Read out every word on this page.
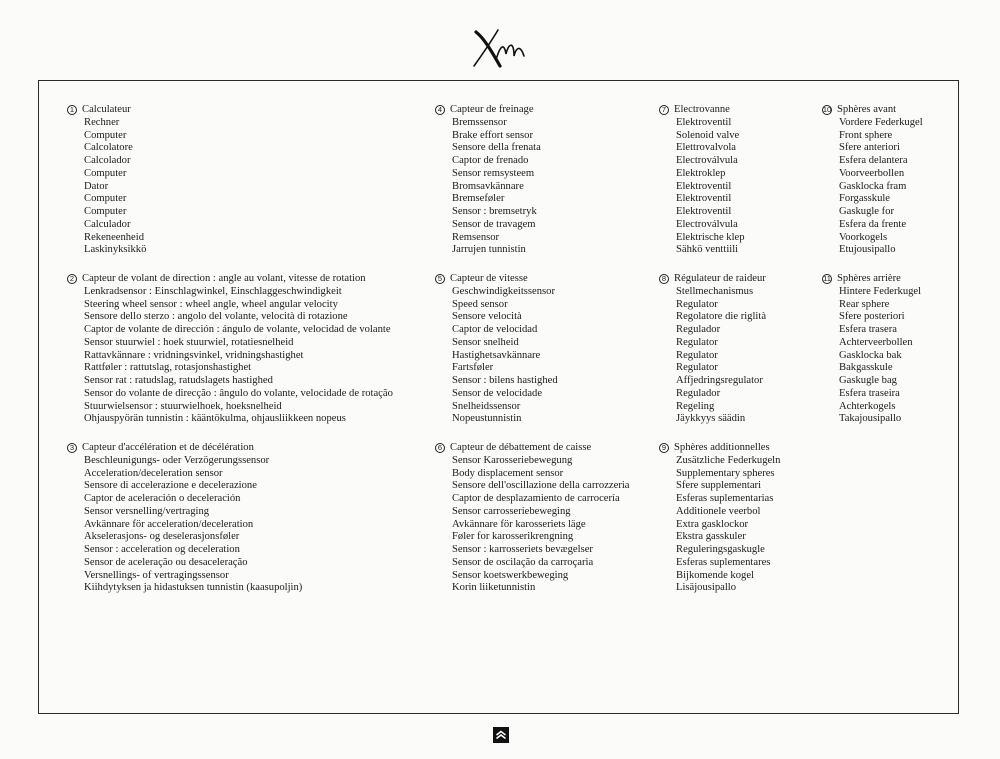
1 Calculateur
Rechner
Computer
Calcolatore
Calcolador
Computer
Dator
Computer
Computer
Calculador
Rekeneenheid
Laskinyksikkö
2 Capteur de volant de direction : angle au volant, vitesse de rotation
Lenkradsensor : Einschlagwinkel, Einschlaggeschwindigkeit
Steering wheel sensor : wheel angle, wheel angular velocity
Sensore dello sterzo : angolo del volante, velocità di rotazione
Captor de volante de dirección : ángulo de volante, velocidad de volante
Sensor stuurwiel : hoek stuurwiel, rotatiesnelheid
Rattavkännare : vridningsvinkel, vridningshastighet
Rattføler : rattutslag, rotasjonshastighet
Sensor rat : ratudslag, ratudslagets hastighed
Sensor do volante de direcção : ângulo do volante, velocidade de rotação
Stuurwielsensor : stuurwielhoek, hoeksnelheid
Ohjauspyörän tunnistin : kääntökulma, ohjausliikkeen nopeus
3 Capteur d'accélération et de décélération
Beschleunigungs- oder Verzögerungssensor
Acceleration/deceleration sensor
Sensore di accelerazione e decelerazione
Captor de aceleración o deceleración
Sensor versnelling/vertraging
Avkännare för acceleration/deceleration
Akselerasjons- og deselerasjonsføler
Sensor : acceleration og deceleration
Sensor de aceleração ou desaceleração
Versnellings- of vertragingssensor
Kiihdytyksen ja hidastuksen tunnistin (kaasupoljin)
4 Capteur de freinage
Bremssensor
Brake effort sensor
Sensore della frenata
Captor de frenado
Sensor remsysteem
Bromsavkännare
Bremseføler
Sensor : bremsetryk
Sensor de travagem
Remsensor
Jarrujen tunnistin
5 Capteur de vitesse
Geschwindigkeitssensor
Speed sensor
Sensore velocità
Captor de velocidad
Sensor snelheid
Hastighetsavkännare
Fartsføler
Sensor : bilens hastighed
Sensor de velocidade
Snelheidssensor
Nopeustunnistin
6 Capteur de débattement de caisse
Sensor Karosseriebewegung
Body displacement sensor
Sensore dell'oscillazione della carrozzeria
Captor de desplazamiento de carrocería
Sensor carrosseriebeweging
Avkännare för karosseriets läge
Føler for karosserikrengning
Sensor : karrosseriets bevægelser
Sensor de oscilação da carroçaria
Sensor koetswerkbeweging
Korin liiketunnistin
7 Electrovanne
Elektroventil
Solenoid valve
Elettrovalvola
Electroválvula
Elektroklep
Elektroventil
Elektroventil
Elektroventil
Electroválvula
Elektrische klep
Sähkö venttiili
8 Régulateur de raideur
Stellmechanismus
Regulator
Regolatore die riglità
Regulador
Regulator
Regulator
Regulator
Affjedringsregulator
Regulador
Regeling
Jäykkyys säädin
9 Sphères additionnelles
Zusätzliche Federkugeln
Supplementary spheres
Sfere supplementari
Esferas suplementarias
Additionele veerbol
Extra gasklockor
Ekstra gasskuler
Reguleringsgaskugle
Esferas suplementares
Bijkomende kogel
Lisäjousipallo
10 Sphères avant
Vordere Federkugel
Front sphere
Sfere anteriori
Esfera delantera
Voorveerbollen
Gasklocka fram
Forgasskule
Gaskugle for
Esfera da frente
Voorkogels
Etujousipallo
11 Sphères arrière
Hintere Federkugel
Rear sphere
Sfere posteriori
Esfera trasera
Achterveerbollen
Gasklocka bak
Bakgasskule
Gaskugle bag
Esfera traseira
Achterkogels
Takajousipallo
